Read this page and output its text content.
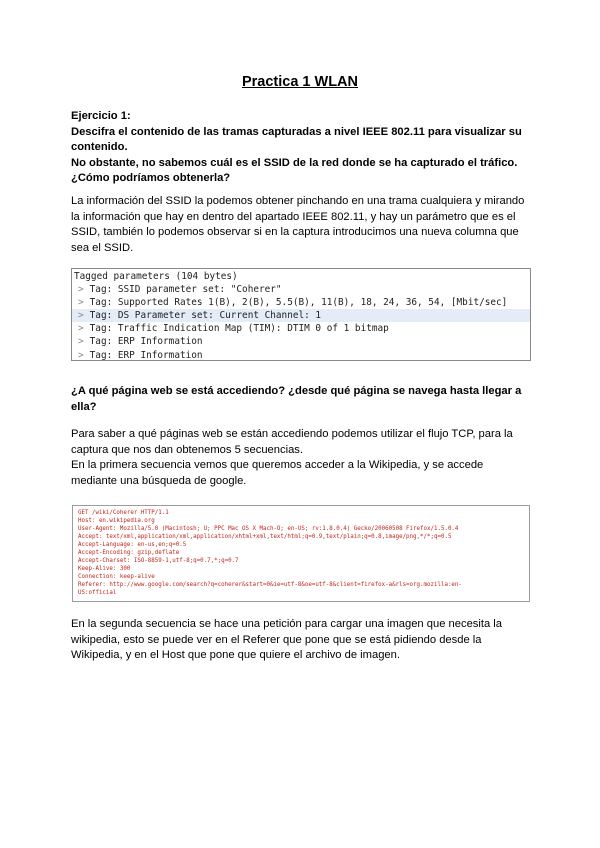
Practica 1 WLAN
Ejercicio 1:
Descifra el contenido de las tramas capturadas a nivel IEEE 802.11 para visualizar su
contenido.
No obstante, no sabemos cuál es el SSID de la red donde se ha capturado el tráfico.
¿Cómo podríamos obtenerla?
La información del SSID la podemos obtener pinchando en una trama cualquiera y mirando
la información que hay en dentro del apartado IEEE 802.11, y hay un parámetro que es el
SSID, también lo podemos observar si en la captura introducimos una nueva columna que
sea el SSID.
Tagged parameters (104 bytes)
> Tag: SSID parameter set: "Coherer"
> Tag: Supported Rates 1(B), 2(B), 5.5(B), 11(B), 18, 24, 36, 54, [Mbit/sec]
> Tag: DS Parameter set: Current Channel: 1
> Tag: Traffic Indication Map (TIM): DTIM 0 of 1 bitmap
> Tag: ERP Information
> Tag: ERP Information
¿A qué página web se está accediendo? ¿desde qué página se navega hasta llegar a
ella?
Para saber a qué páginas web se están accediendo podemos utilizar el flujo TCP, para la
captura que nos dan obtenemos 5 secuencias.
En la primera secuencia vemos que queremos acceder a la Wikipedia, y se accede
mediante una búsqueda de google.
GET /wiki/Coherer HTTP/1.1
Host: en.wikipedia.org
User-Agent: Mozilla/5.0 (Macintosh; U; PPC Mac OS X Mach-O; en-US; rv:1.8.0.4) Gecko/20060508 Firefox/1.5.0.4
Accept: text/xml,application/xml,application/xhtml+xml,text/html;q=0.9,text/plain;q=0.8,image/png,*/*;q=0.5
Accept-Language: en-us,en;q=0.5
Accept-Encoding: gzip,deflate
Accept-Charset: ISO-8859-1,utf-8;q=0.7,*;q=0.7
Keep-Alive: 300
Connection: keep-alive
Referer: http://www.google.com/search?q=coherer&start=0&ie=utf-8&oe=utf-8&client=firefox-a&rls=org.mozilla:en-
US:official
En la segunda secuencia se hace una petición para cargar una imagen que necesita la
wikipedia, esto se puede ver en el Referer que pone que se está pidiendo desde la
Wikipedia, y en el Host que pone que quiere el archivo de imagen.
